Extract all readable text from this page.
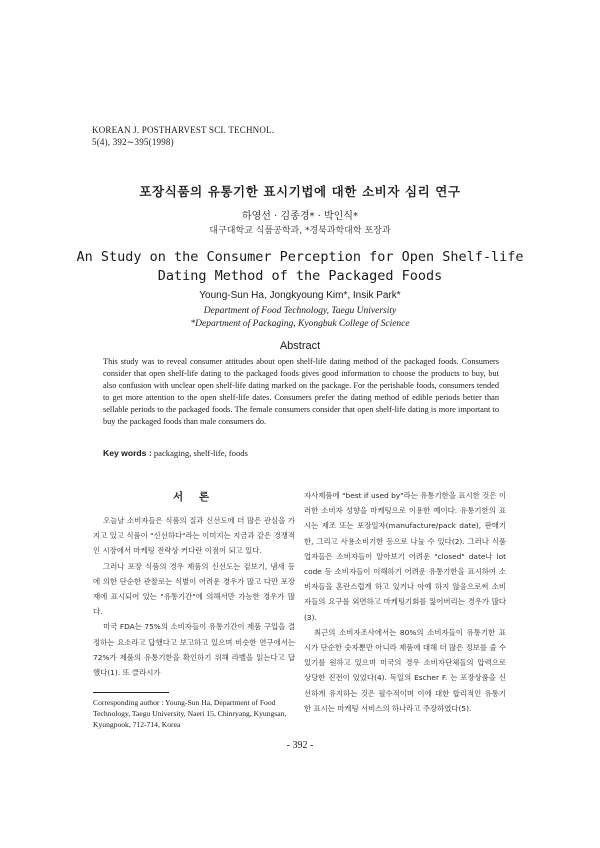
KOREAN J. POSTHARVEST SCI. TECHNOL.
5(4), 392∼395(1998)
포장식품의 유통기한 표시기법에 대한 소비자 심리 연구
하영선 · 김종경* · 박인식*
대구대학교 식품공학과, *경북과학대학 포장과
An Study on the Consumer Perception for Open Shelf-life
Dating Method of the Packaged Foods
Young-Sun Ha, Jongkyoung Kim*, Insik Park*
Department of Food Technology, Taegu University
*Department of Packaging, Kyongbuk College of Science
Abstract
This study was to reveal consumer attitudes about open shelf-life dating method of the packaged foods. Consumers consider that open shelf-life dating to the packaged foods gives good information to choose the products to buy, but also confusion with unclear open shelf-life dating marked on the package. For the perishable foods, consumers tended to get more attention to the open shelf-life dates. Consumers prefer the dating method of edible periods better than sellable periods to the packaged foods. The female consumers consider that open shelf-life dating is more important to buy the packaged foods than male consumers do.
Key words : packaging, shelf-life, foods
서 론

오늘날 소비자들은 식품의 질과 신선도에 더 많은 관심을 가지고 있고 식품이 "신선하다"라는 이미지는 지금과 같은 경쟁적인 시장에서 마케팅 전략상 커다란 이점이 되고 있다.

그러나 포장 식품의 경우 제품의 신선도는 겉보기, 냄새 등에 의한 단순한 관찰로는 식별이 어려운 경우가 많고 다만 포장재에 표시되어 있는 "유통기간"에 의해서만 가능한 경우가 많다.

미국 FDA는 75%의 소비자들이 유통기간이 제품 구입을 결정하는 요소라고 답했다고 보고하고 있으며 비슷한 연구에서는 72%가 제품의 유통기한을 확인하기 위해 라벨을 읽는다고 답했다(1). 또 클라시가

자사제품에 "best if used by"라는 유통기한을 표시한 것은 이러한 소비자 성향을 마케팅으로 이용한 예이다. 유통기한의 표시는 제조 또는 포장일자(manufacture/pack date), 판매기한, 그리고 사용소비기한 등으로 나눌 수 있다(2). 그러나 식품업자들은 소비자들이 알아보기 어려운 "closed" date나 lot code 등 소비자들이 이해하기 어려운 유통기한을 표시하여 소비자들을 혼란스럽게 하고 있거나 아예 하지 않음으로써 소비자들의 요구를 외면하고 마케팅기회를 잃어버리는 경우가 많다(3).

최근의 소비자조사에서는 80%의 소비자들이 유통기한 표시가 단순한 숫자뿐만 아니라 제품에 대해 더 많은 정보를 줄 수 있기를 원하고 있으며 미국의 경우 소비자단체들의 압력으로 상당한 진전이 있었다(4). 독일의 Escher F. 는 포장상품을 신선하게 유지하는 것은 필수적이며 이에 대한 합리적인 유통기한 표시는 마케팅 서비스의 하나라고 주장하였다(5).

Corresponding author : Young-Sun Ha, Department of Food Technology, Taegu University, Naeri 15, Chinryang, Kyungsan, Kyungpook, 712-714, Korea
- 392 -
